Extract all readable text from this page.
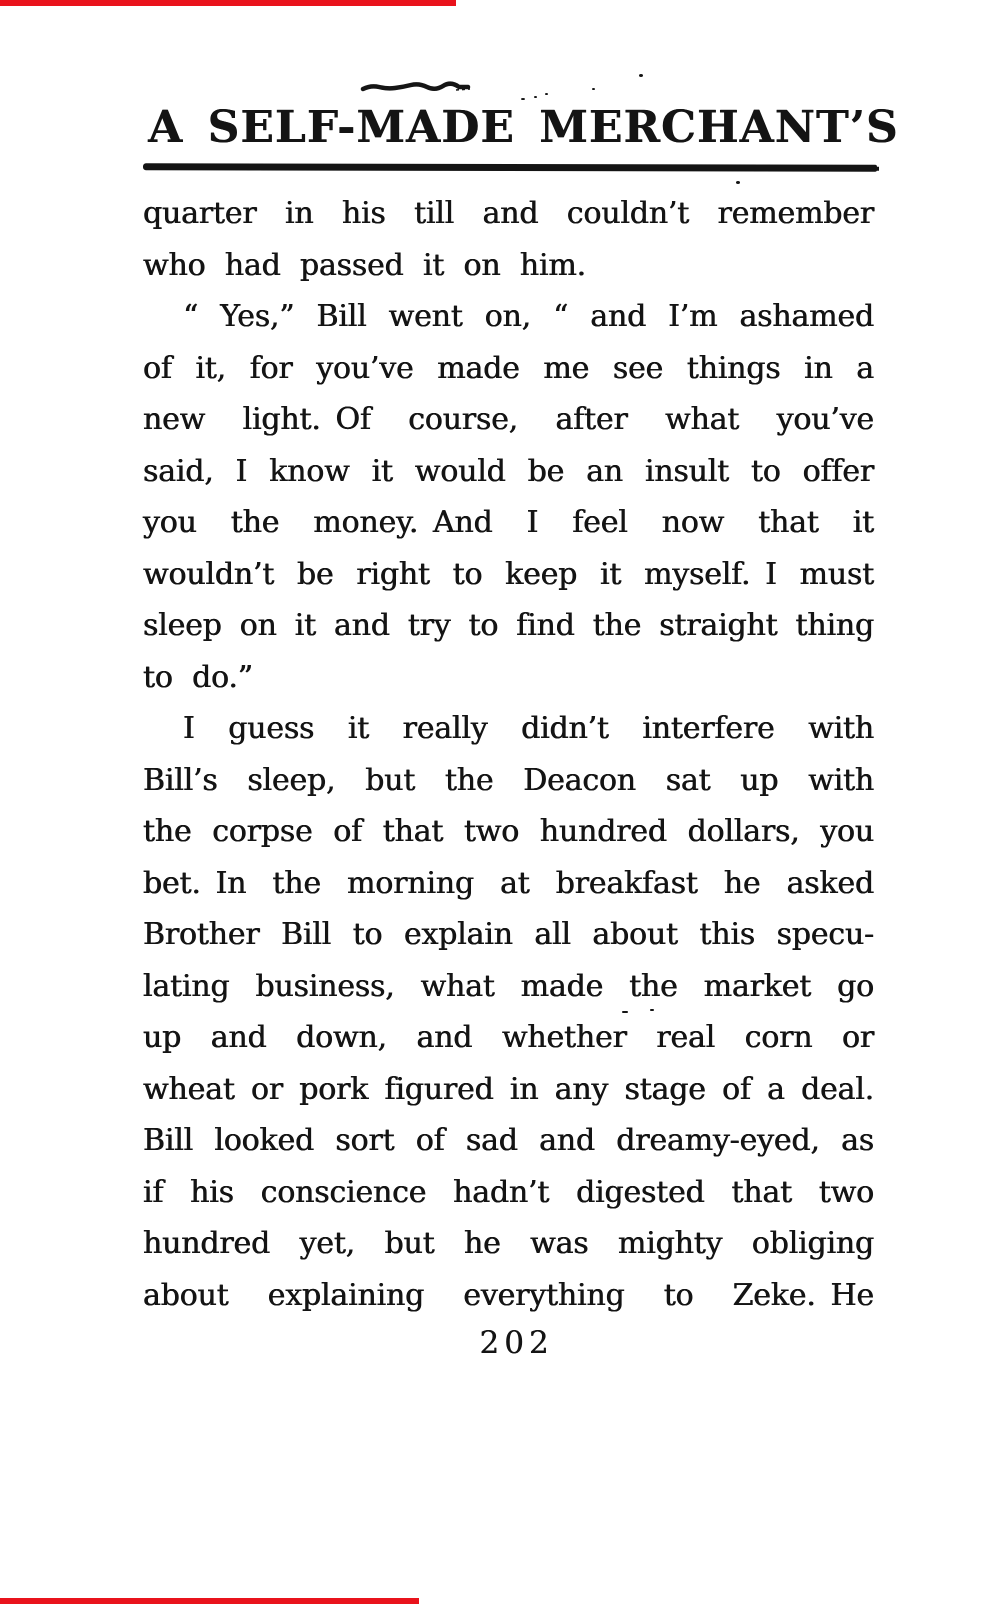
A SELF-MADE MERCHANT’S
quarter in his till and couldn’t remember
who had passed it on him.
“ Yes,” Bill went on, “ and I’m ashamed
of it, for you’ve made me see things in a
new light. Of course, after what you’ve
said, I know it would be an insult to offer
you the money. And I feel now that it
wouldn’t be right to keep it myself. I must
sleep on it and try to find the straight thing
to do.”
I guess it really didn’t interfere with
Bill’s sleep, but the Deacon sat up with
the corpse of that two hundred dollars, you
bet. In the morning at breakfast he asked
Brother Bill to explain all about this specu-
lating business, what made the market go
up and down, and whether real corn or
wheat or pork figured in any stage of a deal.
Bill looked sort of sad and dreamy-eyed, as
if his conscience hadn’t digested that two
hundred yet, but he was mighty obliging
about explaining everything to Zeke. He
202
